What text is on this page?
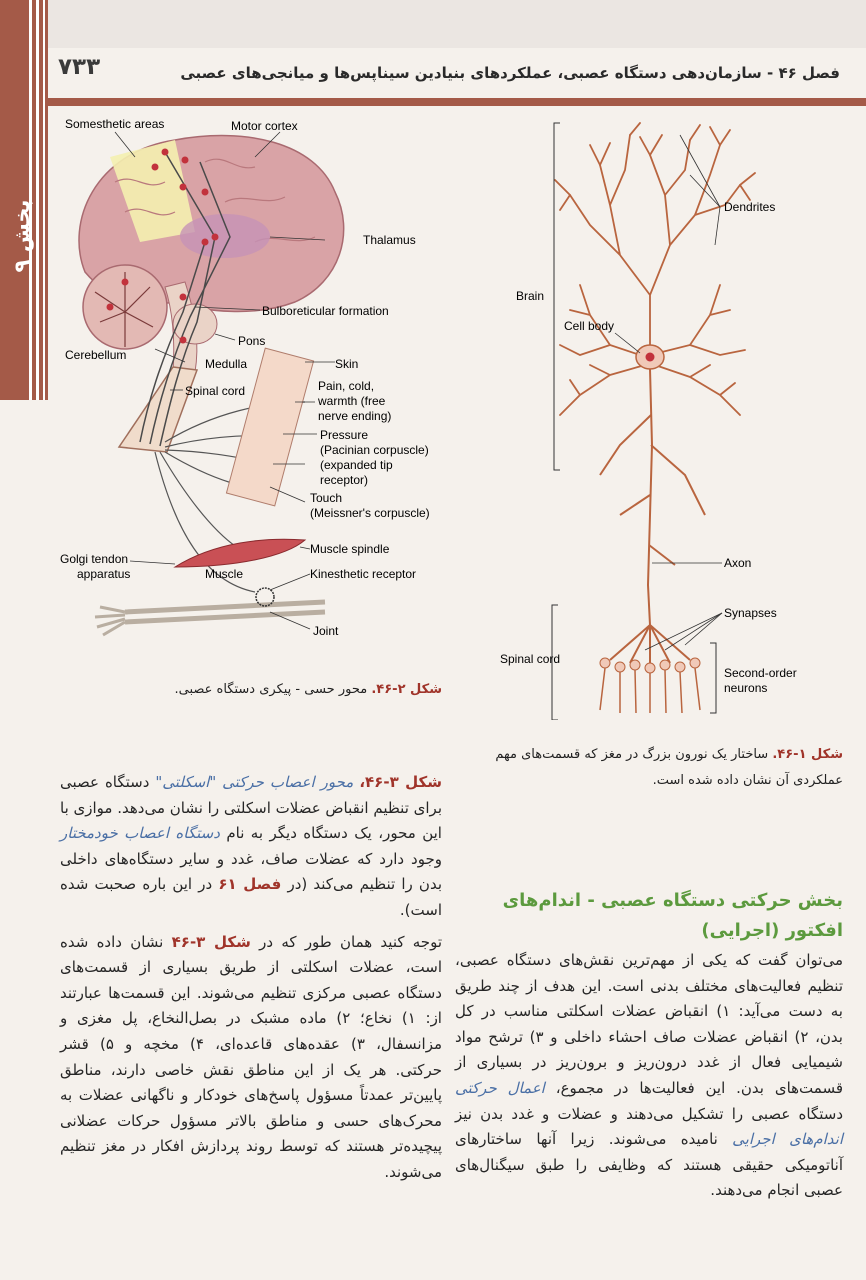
۷۳۳	فصل ۴۶ - سازمان‌دهی دستگاه عصبی، عملکردهای بنیادین سیناپس‌ها و میانجی‌های عصبی
بخش ۹
Somesthetic areas	Motor cortex
Thalamus
Bulboreticular formation
Pons
Cerebellum
Medulla	Skin
Spinal cord	Pain, cold,
warmth (free
nerve ending)
Pressure
(Pacinian corpuscle)
(expanded tip
receptor)
Touch
(Meissner's corpuscle)
Muscle spindle
Golgi tendon
apparatus	Muscle	Kinesthetic receptor
Joint
شکل ۲-۴۶. محور حسی - پیکری دستگاه عصبی.
Dendrites
Brain
Cell body
Axon
Synapses
Spinal cord
Second-order
neurons
شکل ۱-۴۶. ساختار یک نورون بزرگ در مغز که قسمت‌های مهم عملکردی آن نشان داده شده است.

شکل ۳-۴۶، محور اعصاب حرکتی "اسکلتی" دستگاه عصبی برای تنظیم انقباض عضلات اسکلتی را نشان می‌دهد. موازی با این محور، یک دستگاه دیگر به نام دستگاه اعصاب خودمختار وجود دارد که عضلات صاف، غدد و سایر دستگاه‌های داخلی بدن را تنظیم می‌کند (در فصل ۶۱ در این باره صحبت شده است).

توجه کنید همان طور که در شکل ۳-۴۶ نشان داده شده است، عضلات اسکلتی از طریق بسیاری از قسمت‌های دستگاه عصبی مرکزی تنظیم می‌شوند. این قسمت‌ها عبارتند از: ۱) نخاع؛ ۲) ماده مشبک در بصل‌النخاع، پل مغزی و مزانسفال، ۳) عقده‌های قاعده‌ای، ۴) مخچه و ۵) قشر حرکتی. هر یک از این مناطق نقش خاصی دارند، مناطق پایین‌تر عمدتاً مسؤول پاسخ‌های خودکار و ناگهانی عضلات به محرک‌های حسی و مناطق بالاتر مسؤول حرکات عضلانی پیچیده‌تر هستند که توسط روند پردازش افکار در مغز تنظیم می‌شوند.

بخش حرکتی دستگاه عصبی - اندام‌های افکتور (اجرایی)

می‌توان گفت که یکی از مهم‌ترین نقش‌های دستگاه عصبی، تنظیم فعالیت‌های مختلف بدنی است. این هدف از چند طریق به دست می‌آید: ۱) انقباض عضلات اسکلتی مناسب در کل بدن، ۲) انقباض عضلات صاف احشاء داخلی و ۳) ترشح مواد شیمیایی فعال از غدد درون‌ریز و برون‌ریز در بسیاری از قسمت‌های بدن. این فعالیت‌ها در مجموع، اعمال حرکتی دستگاه عصبی را تشکیل می‌دهند و عضلات و غدد بدن نیز اندام‌های اجرایی نامیده می‌شوند. زیرا آنها ساختارهای آناتومیکی حقیقی هستند که وظایفی را طبق سیگنال‌های عصبی انجام می‌دهند.
